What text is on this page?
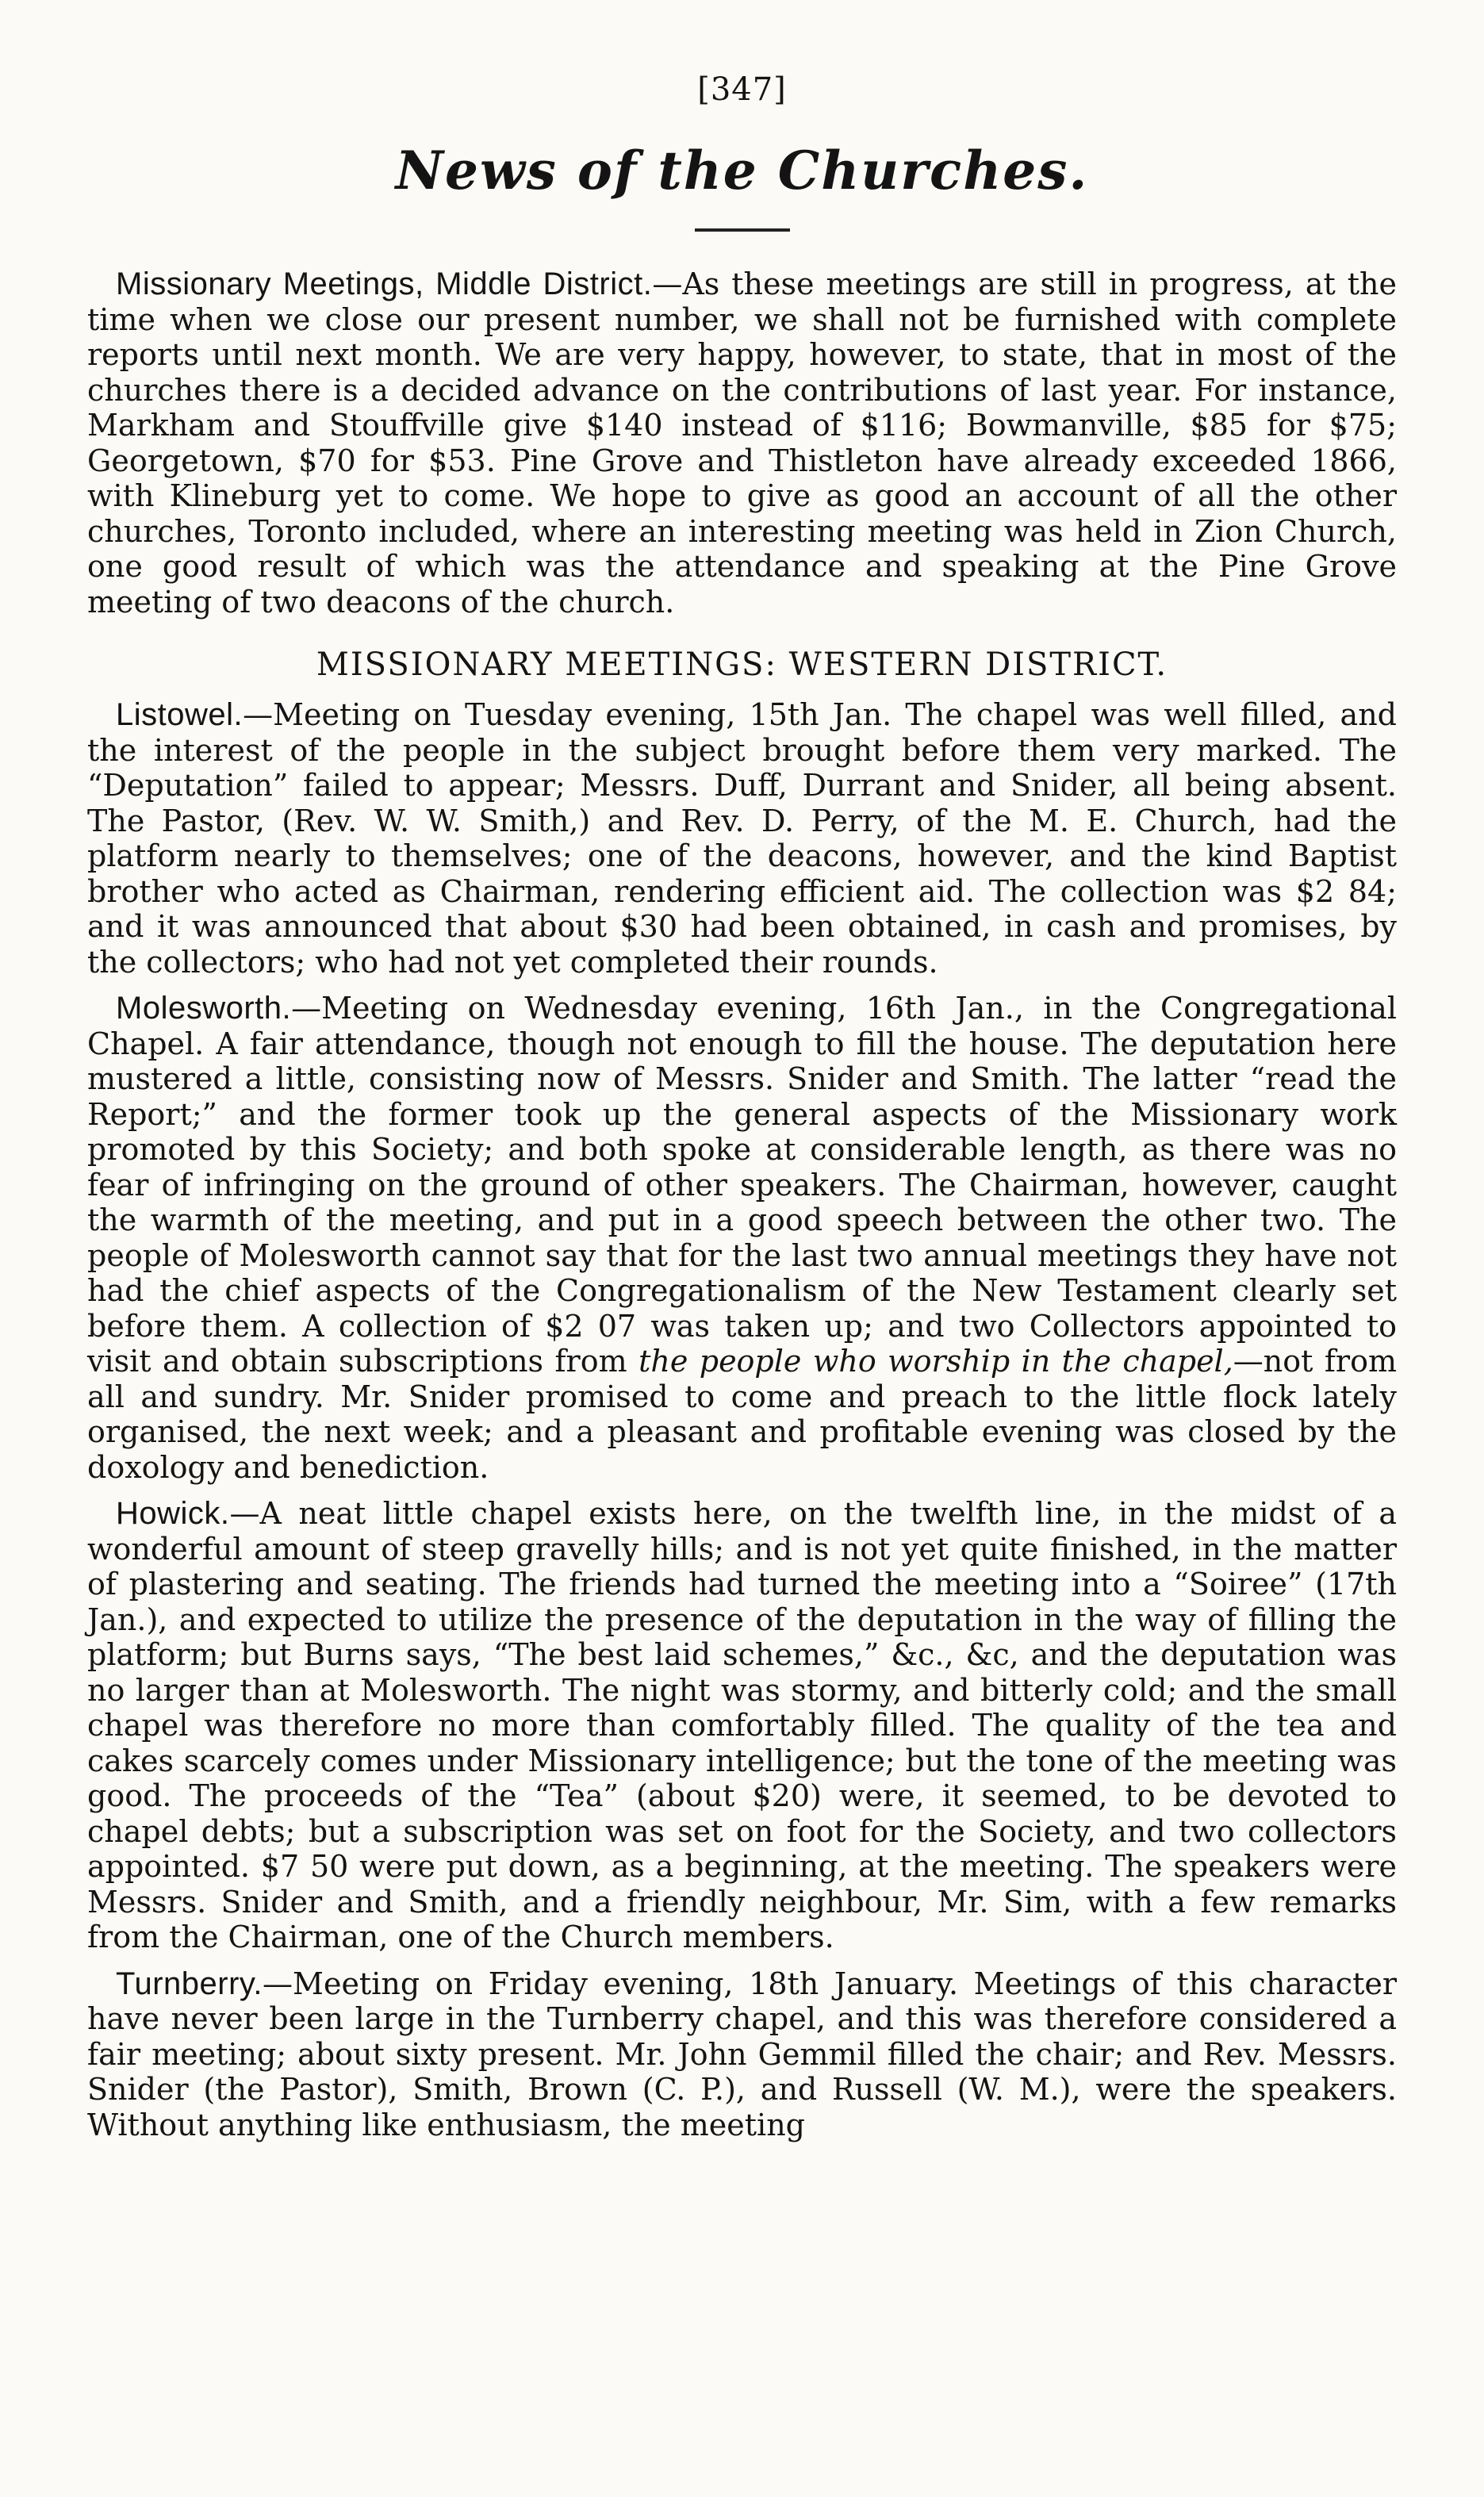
[347]
News of the Churches.

Missionary Meetings, Middle District.—As these meetings are still in progress, at the time when we close our present number, we shall not be furnished with complete reports until next month. We are very happy, however, to state, that in most of the churches there is a decided advance on the contributions of last year. For instance, Markham and Stouffville give $140 instead of $116; Bowmanville, $85 for $75; Georgetown, $70 for $53. Pine Grove and Thistleton have already exceeded 1866, with Klineburg yet to come. We hope to give as good an account of all the other churches, Toronto included, where an interesting meeting was held in Zion Church, one good result of which was the attendance and speaking at the Pine Grove meeting of two deacons of the church.

MISSIONARY MEETINGS: WESTERN DISTRICT.

Listowel.—Meeting on Tuesday evening, 15th Jan. The chapel was well filled, and the interest of the people in the subject brought before them very marked. The “Deputation” failed to appear; Messrs. Duff, Durrant and Snider, all being absent. The Pastor, (Rev. W. W. Smith,) and Rev. D. Perry, of the M. E. Church, had the platform nearly to themselves; one of the deacons, however, and the kind Baptist brother who acted as Chairman, rendering efficient aid. The collection was $2 84; and it was announced that about $30 had been obtained, in cash and promises, by the collectors; who had not yet completed their rounds.

Molesworth.—Meeting on Wednesday evening, 16th Jan., in the Congregational Chapel. A fair attendance, though not enough to fill the house. The deputation here mustered a little, consisting now of Messrs. Snider and Smith. The latter “read the Report;” and the former took up the general aspects of the Missionary work promoted by this Society; and both spoke at considerable length, as there was no fear of infringing on the ground of other speakers. The Chairman, however, caught the warmth of the meeting, and put in a good speech between the other two. The people of Molesworth cannot say that for the last two annual meetings they have not had the chief aspects of the Congregationalism of the New Testament clearly set before them. A collection of $2 07 was taken up; and two Collectors appointed to visit and obtain subscriptions from the people who worship in the chapel,—not from all and sundry. Mr. Snider promised to come and preach to the little flock lately organised, the next week; and a pleasant and profitable evening was closed by the doxology and benediction.

Howick.—A neat little chapel exists here, on the twelfth line, in the midst of a wonderful amount of steep gravelly hills; and is not yet quite finished, in the matter of plastering and seating. The friends had turned the meeting into a “Soiree” (17th Jan.), and expected to utilize the presence of the deputation in the way of filling the platform; but Burns says, “The best laid schemes,” &c., &c, and the deputation was no larger than at Molesworth. The night was stormy, and bitterly cold; and the small chapel was therefore no more than comfortably filled. The quality of the tea and cakes scarcely comes under Missionary intelligence; but the tone of the meeting was good. The proceeds of the “Tea” (about $20) were, it seemed, to be devoted to chapel debts; but a subscription was set on foot for the Society, and two collectors appointed. $7 50 were put down, as a beginning, at the meeting. The speakers were Messrs. Snider and Smith, and a friendly neighbour, Mr. Sim, with a few remarks from the Chairman, one of the Church members.

Turnberry.—Meeting on Friday evening, 18th January. Meetings of this character have never been large in the Turnberry chapel, and this was therefore considered a fair meeting; about sixty present. Mr. John Gemmil filled the chair; and Rev. Messrs. Snider (the Pastor), Smith, Brown (C. P.), and Russell (W. M.), were the speakers. Without anything like enthusiasm, the meeting
